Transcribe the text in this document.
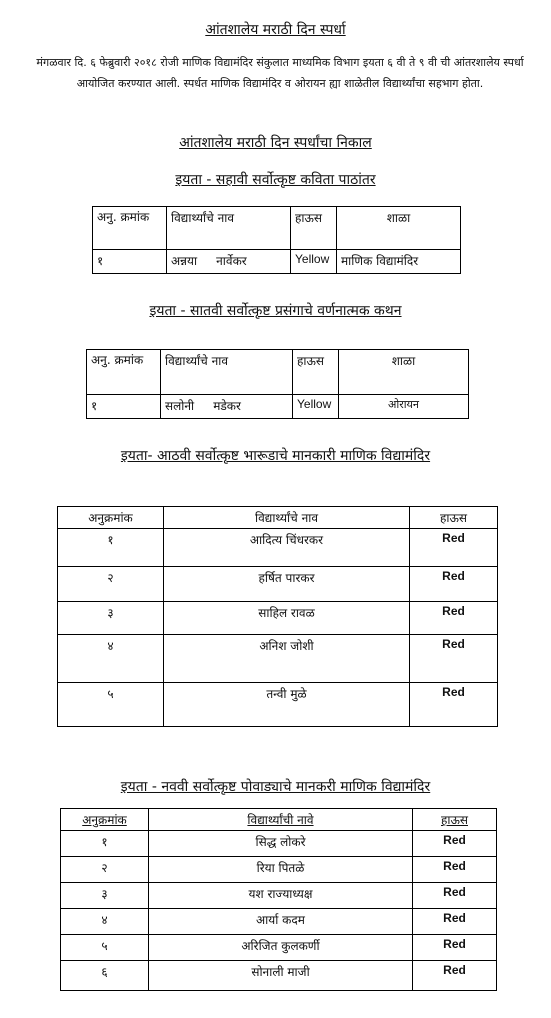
आंतशालेय मराठी दिन स्पर्धा
मंगळवार दि. ६ फेब्रुवारी २०१८ रोजी माणिक विद्यामंदिर संकुलात माध्यमिक विभाग इयता ६ वी ते ९ वी ची आंतरशालेय स्पर्धा आयोजित करण्यात आली. स्पर्धत माणिक विद्यामंदिर व ओरायन ह्या शाळेतील विद्यार्थ्यांचा सहभाग होता.
आंतशालेय मराठी दिन स्पर्धांचा निकाल
इयता - सहावी सर्वोत्कृष्ट कविता पाठांतर
अनु. क्रमांक	विद्यार्थ्यांचे नाव	हाऊस	शाळा
१	अन्नया     नार्वेकर	Yellow	माणिक विद्यामंदिर
इयता - सातवी सर्वोत्कृष्ट प्रसंगाचे वर्णनात्मक कथन
अनु. क्रमांक	विद्यार्थ्यांचे नाव	हाऊस	शाळा
१	सलोनी     मडेकर	Yellow	ओरायन
इयता- आठवी सर्वोत्कृष्ट भारूडाचे मानकारी माणिक विद्यामंदिर
अनुक्रमांक	विद्यार्थ्यांचे नाव	हाऊस
१	आदित्य चिंधरकर	Red
२	हर्षित पारकर	Red
३	साहिल रावळ	Red
४	अनिश जोशी	Red
५	तन्वी मुळे	Red
इयता - नववी सर्वोत्कृष्ट पोवाड्याचे मानकरी माणिक विद्यामंदिर
अनुक्रमांक	विद्यार्थ्यांची नावे	हाऊस
१	सिद्ध लोकरे	Red
२	रिया पितळे	Red
३	यश राज्याध्यक्ष	Red
४	आर्या कदम	Red
५	अरिजित कुलकर्णी	Red
६	सोनाली माजी	Red
